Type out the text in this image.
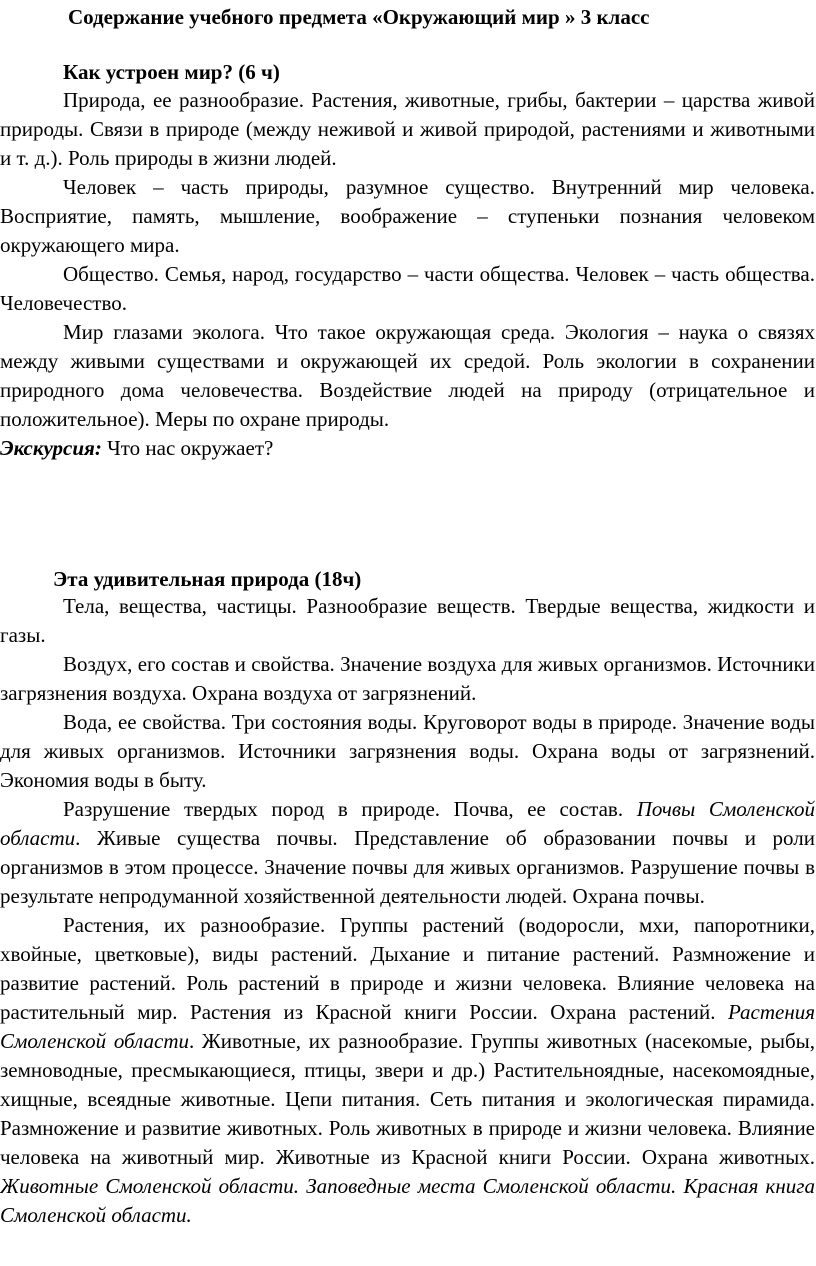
Содержание учебного предмета «Окружающий мир » 3 класс
Как устроен мир? (6 ч)

Природа, ее разнообразие. Растения, животные, грибы, бактерии – царства живой природы. Связи в природе (между неживой и живой природой, растениями и животными и т. д.). Роль природы в жизни людей.

Человек – часть природы, разумное существо. Внутренний мир человека. Восприятие, память, мышление, воображение – ступеньки познания человеком окружающего мира.

Общество. Семья, народ, государство – части общества. Человек – часть общества. Человечество.

Мир глазами эколога. Что такое окружающая среда. Экология – наука о связях между живыми существами и окружающей их средой. Роль экологии в сохранении природного дома человечества. Воздействие людей на природу (отрицательное и положительное). Меры по охране природы.

Экскурсия: Что нас окружает?

Эта удивительная природа (18ч)

Тела, вещества, частицы. Разнообразие веществ. Твердые вещества, жидкости и газы.

Воздух, его состав и свойства. Значение воздуха для живых организмов. Источники загрязнения воздуха. Охрана воздуха от загрязнений.

Вода, ее свойства. Три состояния воды. Круговорот воды в природе. Значение воды для живых организмов. Источники загрязнения воды. Охрана воды от загрязнений. Экономия воды в быту.

Разрушение твердых пород в природе. Почва, ее состав. Почвы Смоленской области. Живые существа почвы. Представление об образовании почвы и роли организмов в этом процессе. Значение почвы для живых организмов. Разрушение почвы в результате непродуманной хозяйственной деятельности людей. Охрана почвы.

Растения, их разнообразие. Группы растений (водоросли, мхи, папоротники, хвойные, цветковые), виды растений. Дыхание и питание растений. Размножение и развитие растений. Роль растений в природе и жизни человека. Влияние человека на растительный мир. Растения из Красной книги России. Охрана растений. Растения Смоленской области. Животные, их разнообразие. Группы животных (насекомые, рыбы, земноводные, пресмыкающиеся, птицы, звери и др.) Растительноядные, насекомоядные, хищные, всеядные животные. Цепи питания. Сеть питания и экологическая пирамида. Размножение и развитие животных. Роль животных в природе и жизни человека. Влияние человека на животный мир. Животные из Красной книги России. Охрана животных. Животные Смоленской области. Заповедные места Смоленской области. Красная книга Смоленской области.
